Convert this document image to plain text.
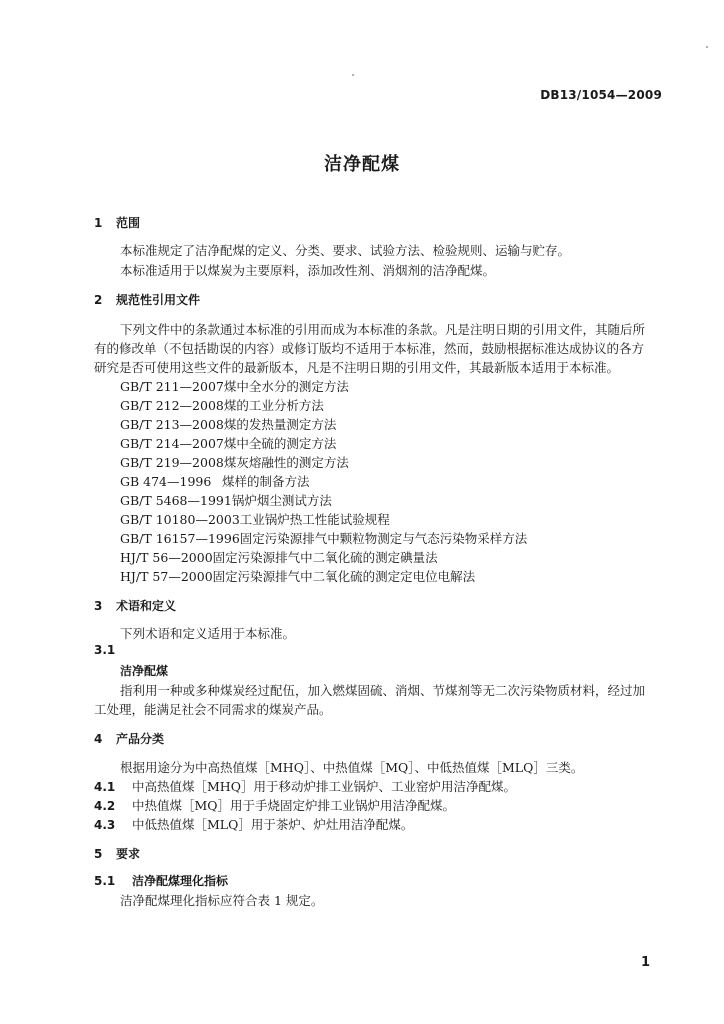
DB13/1054—2009
洁净配煤
1 范围
本标准规定了洁净配煤的定义、分类、要求、试验方法、检验规则、运输与贮存。
本标准适用于以煤炭为主要原料，添加改性剂、消烟剂的洁净配煤。
2 规范性引用文件
下列文件中的条款通过本标准的引用而成为本标准的条款。凡是注明日期的引用文件，其随后所
有的修改单（不包括勘误的内容）或修订版均不适用于本标准，然而，鼓励根据标准达成协议的各方
研究是否可使用这些文件的最新版本，凡是不注明日期的引用文件，其最新版本适用于本标准。
GB/T 211—2007煤中全水分的测定方法
GB/T 212—2008煤的工业分析方法
GB/T 213—2008煤的发热量测定方法
GB/T 214—2007煤中全硫的测定方法
GB/T 219—2008煤灰熔融性的测定方法
GB 474—1996 煤样的制备方法
GB/T 5468—1991锅炉烟尘测试方法
GB/T 10180—2003工业锅炉热工性能试验规程
GB/T 16157—1996固定污染源排气中颗粒物测定与气态污染物采样方法
HJ/T 56—2000固定污染源排气中二氧化硫的测定碘量法
HJ/T 57—2000固定污染源排气中二氧化硫的测定定电位电解法
3 术语和定义
下列术语和定义适用于本标准。
3.1
洁净配煤
指利用一种或多种煤炭经过配伍，加入燃煤固硫、消烟、节煤剂等无二次污染物质材料，经过加
工处理，能满足社会不同需求的煤炭产品。
4 产品分类
根据用途分为中高热值煤［MHQ］、中热值煤［MQ］、中低热值煤［MLQ］三类。
4.1 中高热值煤［MHQ］用于移动炉排工业锅炉、工业窑炉用洁净配煤。
4.2 中热值煤［MQ］用于手烧固定炉排工业锅炉用洁净配煤。
4.3 中低热值煤［MLQ］用于茶炉、炉灶用洁净配煤。
5 要求
5.1 洁净配煤理化指标
洁净配煤理化指标应符合表 1 规定。
1
